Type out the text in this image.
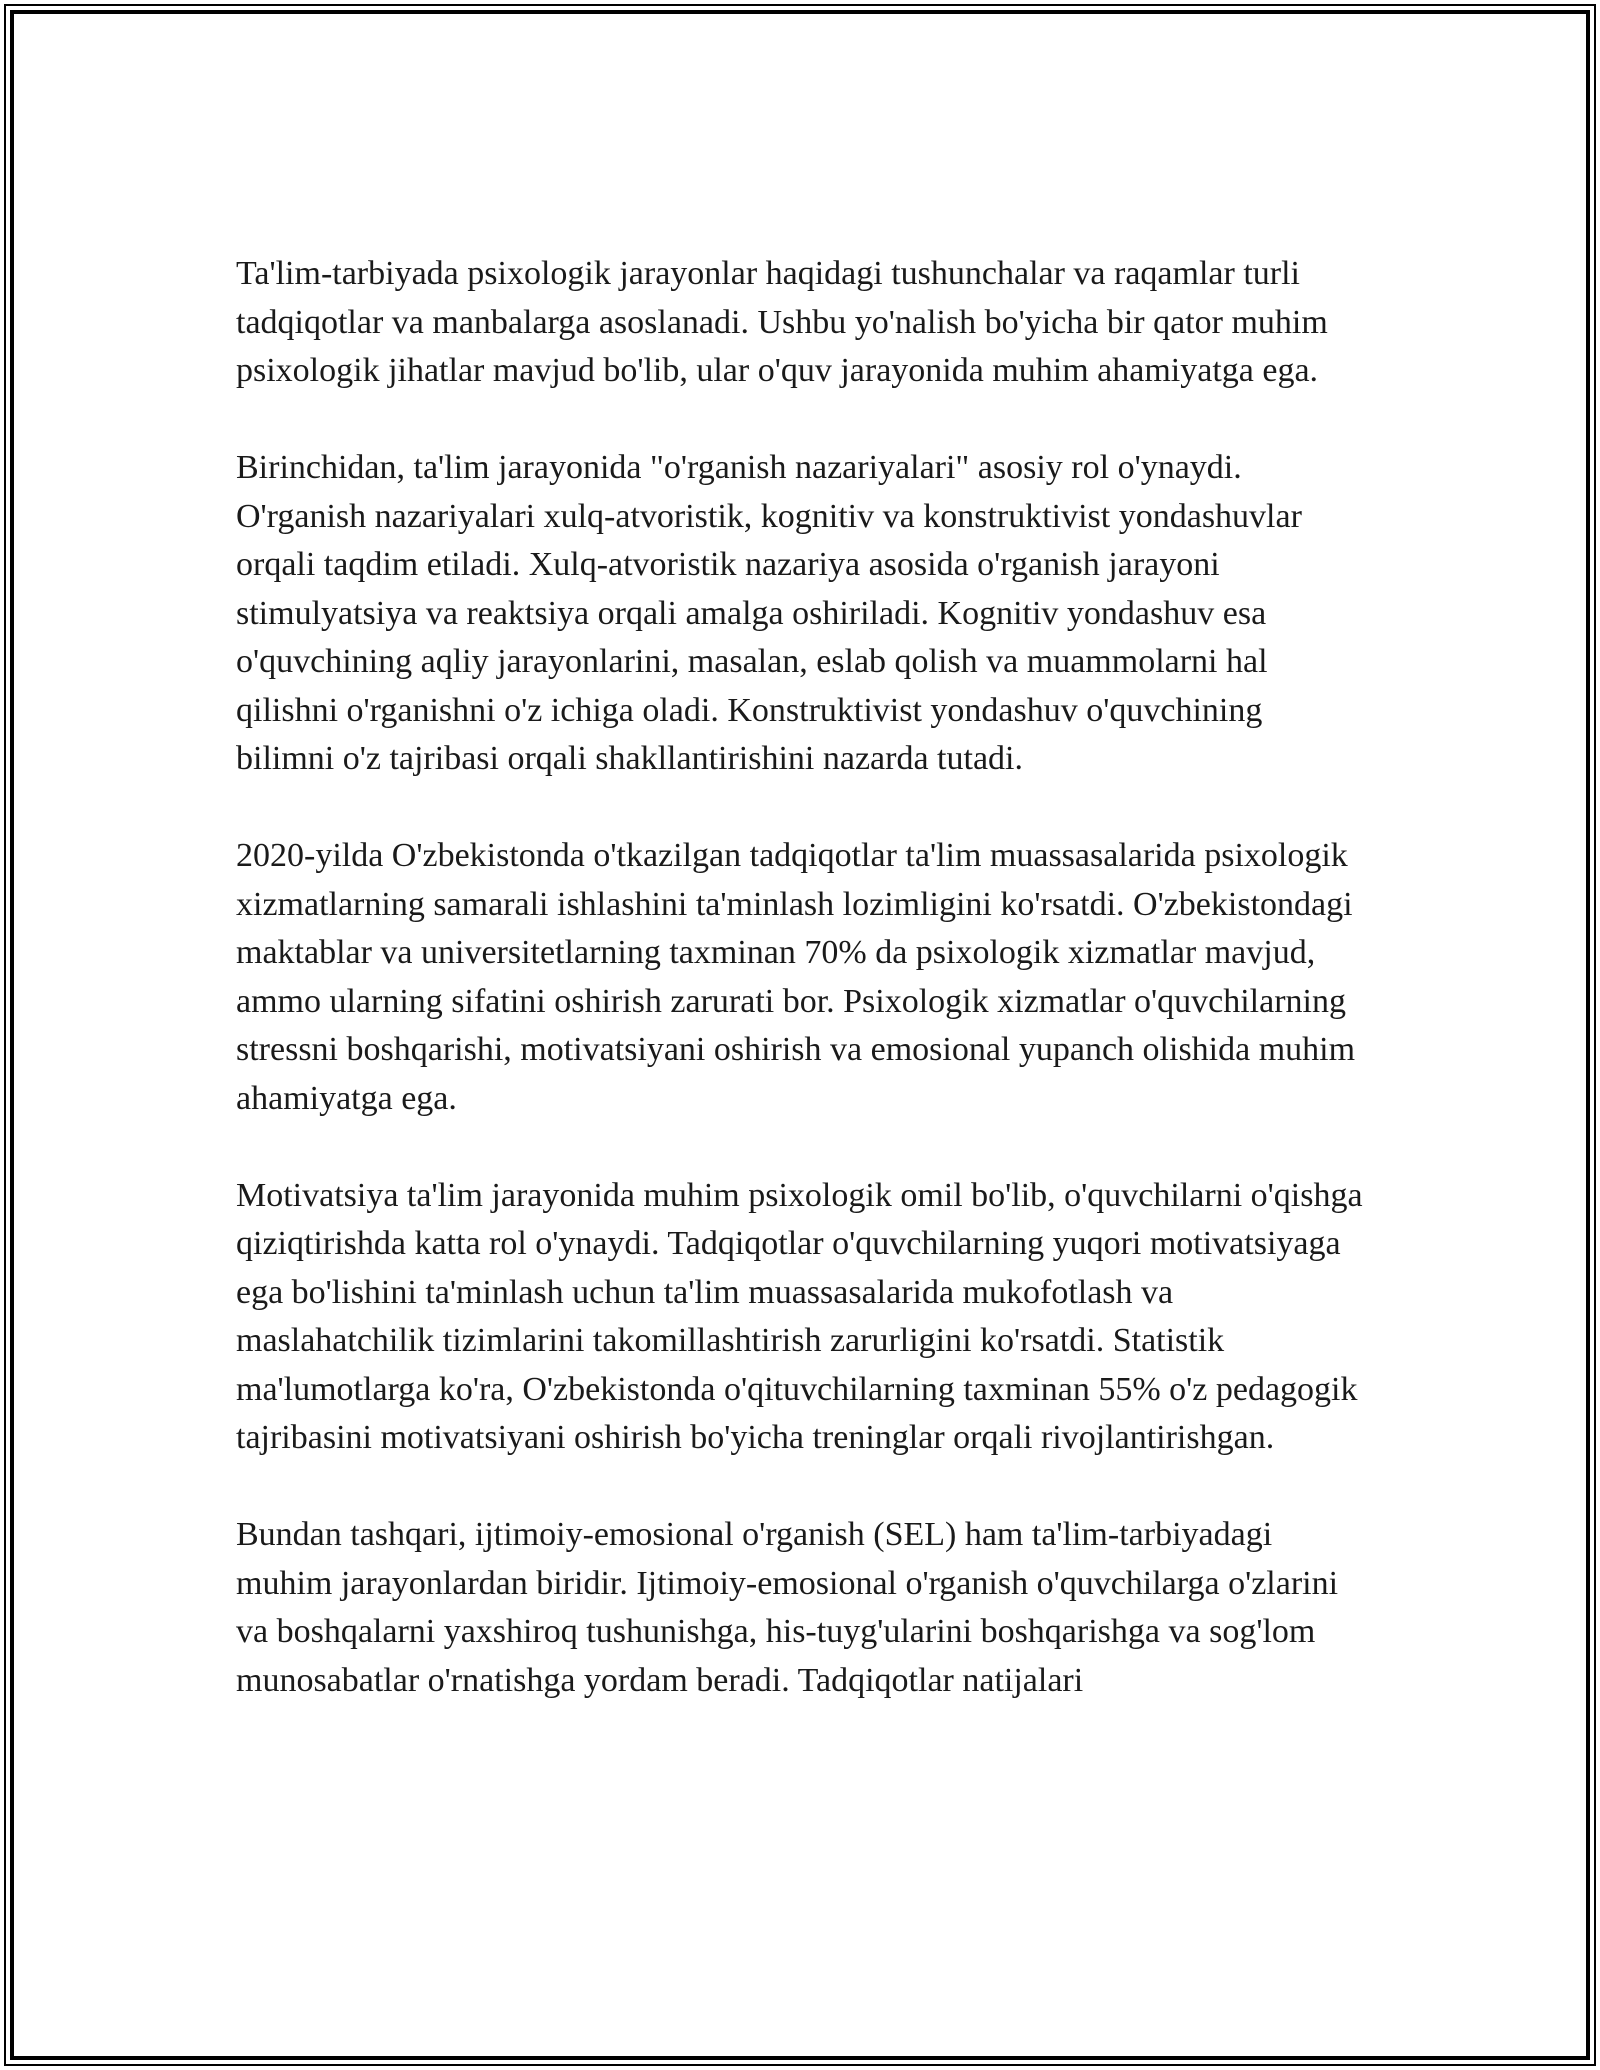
Ta'lim-tarbiyada psixologik jarayonlar haqidagi tushunchalar va raqamlar turli tadqiqotlar va manbalarga asoslanadi. Ushbu yo'nalish bo'yicha bir qator muhim psixologik jihatlar mavjud bo'lib, ular o'quv jarayonida muhim ahamiyatga ega.

Birinchidan, ta'lim jarayonida "o'rganish nazariyalari" asosiy rol o'ynaydi. O'rganish nazariyalari xulq-atvoristik, kognitiv va konstruktivist yondashuvlar orqali taqdim etiladi. Xulq-atvoristik nazariya asosida o'rganish jarayoni stimulyatsiya va reaktsiya orqali amalga oshiriladi. Kognitiv yondashuv esa o'quvchining aqliy jarayonlarini, masalan, eslab qolish va muammolarni hal qilishni o'rganishni o'z ichiga oladi. Konstruktivist yondashuv o'quvchining bilimni o'z tajribasi orqali shakllantirishini nazarda tutadi.

2020-yilda O'zbekistonda o'tkazilgan tadqiqotlar ta'lim muassasalarida psixologik xizmatlarning samarali ishlashini ta'minlash lozimligini ko'rsatdi. O'zbekistondagi maktablar va universitetlarning taxminan 70% da psixologik xizmatlar mavjud, ammo ularning sifatini oshirish zarurati bor. Psixologik xizmatlar o'quvchilarning stressni boshqarishi, motivatsiyani oshirish va emosional yupanch olishida muhim ahamiyatga ega.

Motivatsiya ta'lim jarayonida muhim psixologik omil bo'lib, o'quvchilarni o'qishga qiziqtirishda katta rol o'ynaydi. Tadqiqotlar o'quvchilarning yuqori motivatsiyaga ega bo'lishini ta'minlash uchun ta'lim muassasalarida mukofotlash va maslahatchilik tizimlarini takomillashtirish zarurligini ko'rsatdi. Statistik ma'lumotlarga ko'ra, O'zbekistonda o'qituvchilarning taxminan 55% o'z pedagogik tajribasini motivatsiyani oshirish bo'yicha treninglar orqali rivojlantirishgan.

Bundan tashqari, ijtimoiy-emosional o'rganish (SEL) ham ta'lim-tarbiyadagi muhim jarayonlardan biridir. Ijtimoiy-emosional o'rganish o'quvchilarga o'zlarini va boshqalarni yaxshiroq tushunishga, his-tuyg'ularini boshqarishga va sog'lom munosabatlar o'rnatishga yordam beradi. Tadqiqotlar natijalari
